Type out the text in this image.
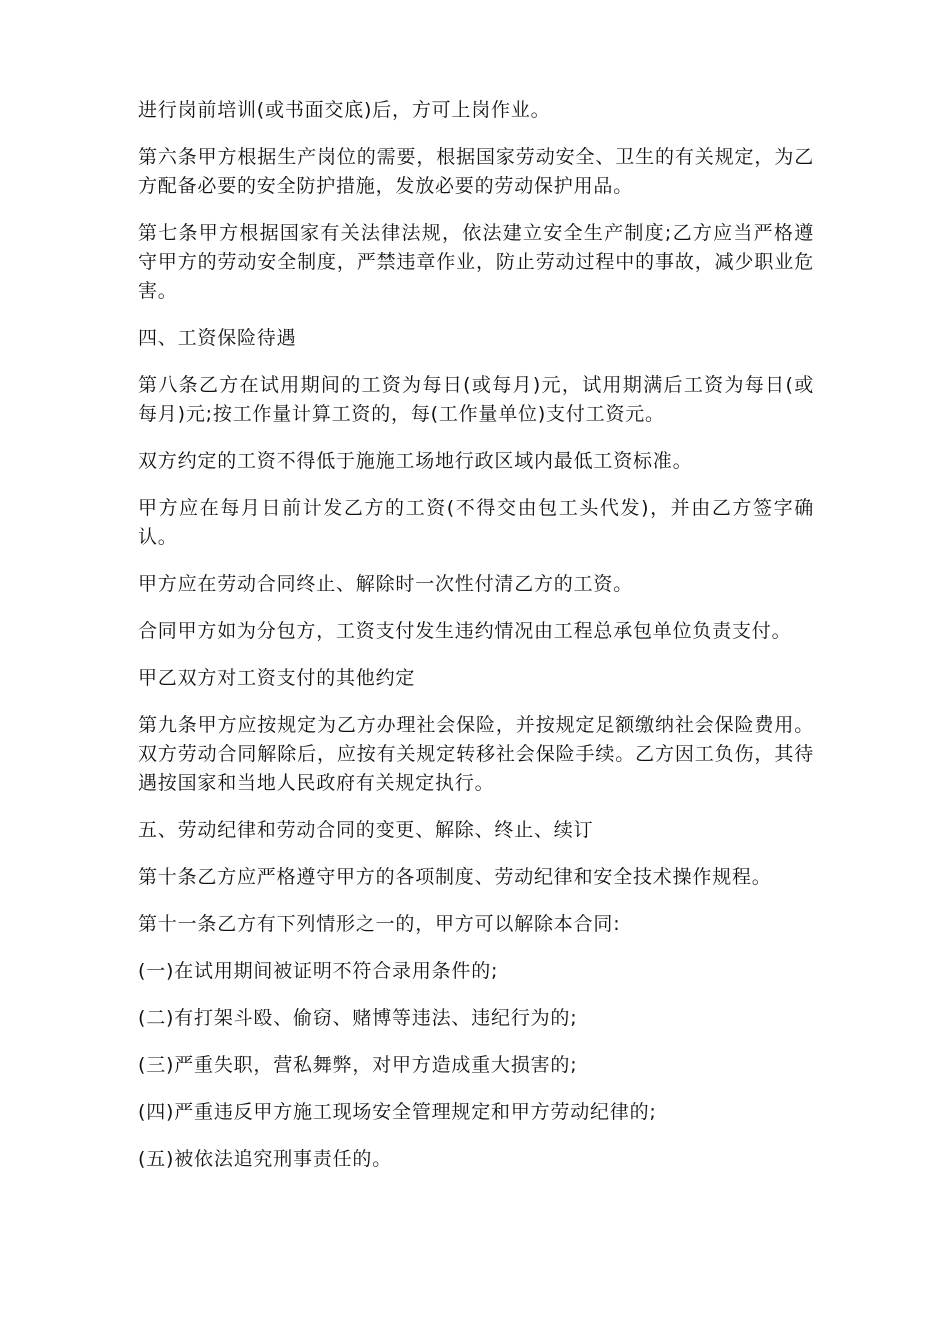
进行岗前培训(或书面交底)后，方可上岗作业。

第六条甲方根据生产岗位的需要，根据国家劳动安全、卫生的有关规定，为乙方配备必要的安全防护措施，发放必要的劳动保护用品。

第七条甲方根据国家有关法律法规，依法建立安全生产制度;乙方应当严格遵守甲方的劳动安全制度，严禁违章作业，防止劳动过程中的事故，减少职业危害。

四、工资保险待遇

第八条乙方在试用期间的工资为每日(或每月)元，试用期满后工资为每日(或每月)元;按工作量计算工资的，每(工作量单位)支付工资元。

双方约定的工资不得低于施施工场地行政区域内最低工资标准。

甲方应在每月日前计发乙方的工资(不得交由包工头代发)，并由乙方签字确认。

甲方应在劳动合同终止、解除时一次性付清乙方的工资。

合同甲方如为分包方，工资支付发生违约情况由工程总承包单位负责支付。

甲乙双方对工资支付的其他约定

第九条甲方应按规定为乙方办理社会保险，并按规定足额缴纳社会保险费用。双方劳动合同解除后，应按有关规定转移社会保险手续。乙方因工负伤，其待遇按国家和当地人民政府有关规定执行。

五、劳动纪律和劳动合同的变更、解除、终止、续订

第十条乙方应严格遵守甲方的各项制度、劳动纪律和安全技术操作规程。

第十一条乙方有下列情形之一的，甲方可以解除本合同:

(一)在试用期间被证明不符合录用条件的;

(二)有打架斗殴、偷窃、赌博等违法、违纪行为的;

(三)严重失职，营私舞弊，对甲方造成重大损害的;

(四)严重违反甲方施工现场安全管理规定和甲方劳动纪律的;

(五)被依法追究刑事责任的。
